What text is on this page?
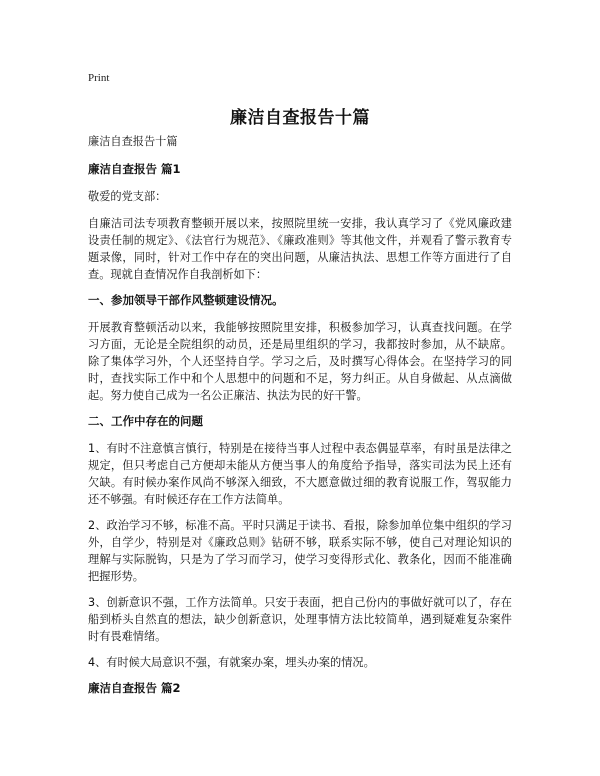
Print
廉洁自查报告十篇

廉洁自查报告十篇

廉洁自查报告 篇1

敬爱的党支部：

自廉洁司法专项教育整顿开展以来，按照院里统一安排，我认真学习了《党风廉政建设责任制的规定》、《法官行为规范》、《廉政准则》等其他文件，并观看了警示教育专题录像，同时，针对工作中存在的突出问题，从廉洁执法、思想工作等方面进行了自查。现就自查情况作自我剖析如下：

一、参加领导干部作风整顿建设情况。

开展教育整顿活动以来，我能够按照院里安排，积极参加学习，认真查找问题。在学习方面，无论是全院组织的动员，还是局里组织的学习，我都按时参加，从不缺席。除了集体学习外，个人还坚持自学。学习之后，及时撰写心得体会。在坚持学习的同时，查找实际工作中和个人思想中的问题和不足，努力纠正。从自身做起、从点滴做起。努力使自己成为一名公正廉洁、执法为民的好干警。

二、工作中存在的问题

1、有时不注意慎言慎行，特别是在接待当事人过程中表态偶显草率，有时虽是法律之规定，但只考虑自己方便却未能从方便当事人的角度给予指导，落实司法为民上还有欠缺。有时候办案作风尚不够深入细致，不大愿意做过细的教育说服工作，驾驭能力还不够强。有时候还存在工作方法简单。

2、政治学习不够，标准不高。平时只满足于读书、看报，除参加单位集中组织的学习外，自学少，特别是对《廉政总则》钻研不够，联系实际不够，使自己对理论知识的理解与实际脱钩，只是为了学习而学习，使学习变得形式化、教条化，因而不能准确把握形势。

3、创新意识不强，工作方法简单。只安于表面，把自己份内的事做好就可以了，存在船到桥头自然直的想法，缺少创新意识，处理事情方法比较简单，遇到疑难复杂案件时有畏难情绪。

4、有时候大局意识不强，有就案办案，埋头办案的情况。

廉洁自查报告 篇2
